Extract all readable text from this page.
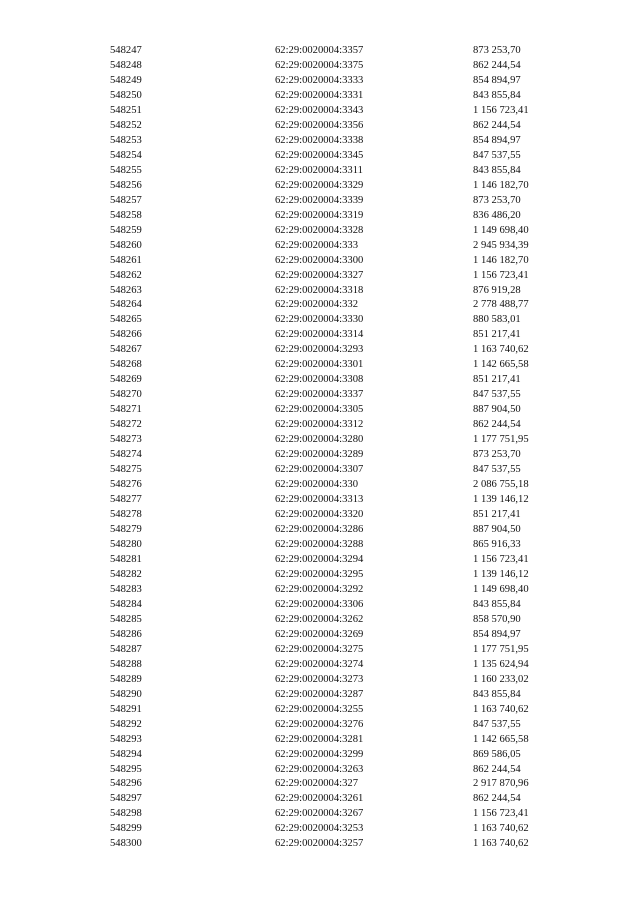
548247	62:29:0020004:3357	873 253,70
548248	62:29:0020004:3375	862 244,54
548249	62:29:0020004:3333	854 894,97
548250	62:29:0020004:3331	843 855,84
548251	62:29:0020004:3343	1 156 723,41
548252	62:29:0020004:3356	862 244,54
548253	62:29:0020004:3338	854 894,97
548254	62:29:0020004:3345	847 537,55
548255	62:29:0020004:3311	843 855,84
548256	62:29:0020004:3329	1 146 182,70
548257	62:29:0020004:3339	873 253,70
548258	62:29:0020004:3319	836 486,20
548259	62:29:0020004:3328	1 149 698,40
548260	62:29:0020004:333	2 945 934,39
548261	62:29:0020004:3300	1 146 182,70
548262	62:29:0020004:3327	1 156 723,41
548263	62:29:0020004:3318	876 919,28
548264	62:29:0020004:332	2 778 488,77
548265	62:29:0020004:3330	880 583,01
548266	62:29:0020004:3314	851 217,41
548267	62:29:0020004:3293	1 163 740,62
548268	62:29:0020004:3301	1 142 665,58
548269	62:29:0020004:3308	851 217,41
548270	62:29:0020004:3337	847 537,55
548271	62:29:0020004:3305	887 904,50
548272	62:29:0020004:3312	862 244,54
548273	62:29:0020004:3280	1 177 751,95
548274	62:29:0020004:3289	873 253,70
548275	62:29:0020004:3307	847 537,55
548276	62:29:0020004:330	2 086 755,18
548277	62:29:0020004:3313	1 139 146,12
548278	62:29:0020004:3320	851 217,41
548279	62:29:0020004:3286	887 904,50
548280	62:29:0020004:3288	865 916,33
548281	62:29:0020004:3294	1 156 723,41
548282	62:29:0020004:3295	1 139 146,12
548283	62:29:0020004:3292	1 149 698,40
548284	62:29:0020004:3306	843 855,84
548285	62:29:0020004:3262	858 570,90
548286	62:29:0020004:3269	854 894,97
548287	62:29:0020004:3275	1 177 751,95
548288	62:29:0020004:3274	1 135 624,94
548289	62:29:0020004:3273	1 160 233,02
548290	62:29:0020004:3287	843 855,84
548291	62:29:0020004:3255	1 163 740,62
548292	62:29:0020004:3276	847 537,55
548293	62:29:0020004:3281	1 142 665,58
548294	62:29:0020004:3299	869 586,05
548295	62:29:0020004:3263	862 244,54
548296	62:29:0020004:327	2 917 870,96
548297	62:29:0020004:3261	862 244,54
548298	62:29:0020004:3267	1 156 723,41
548299	62:29:0020004:3253	1 163 740,62
548300	62:29:0020004:3257	1 163 740,62
